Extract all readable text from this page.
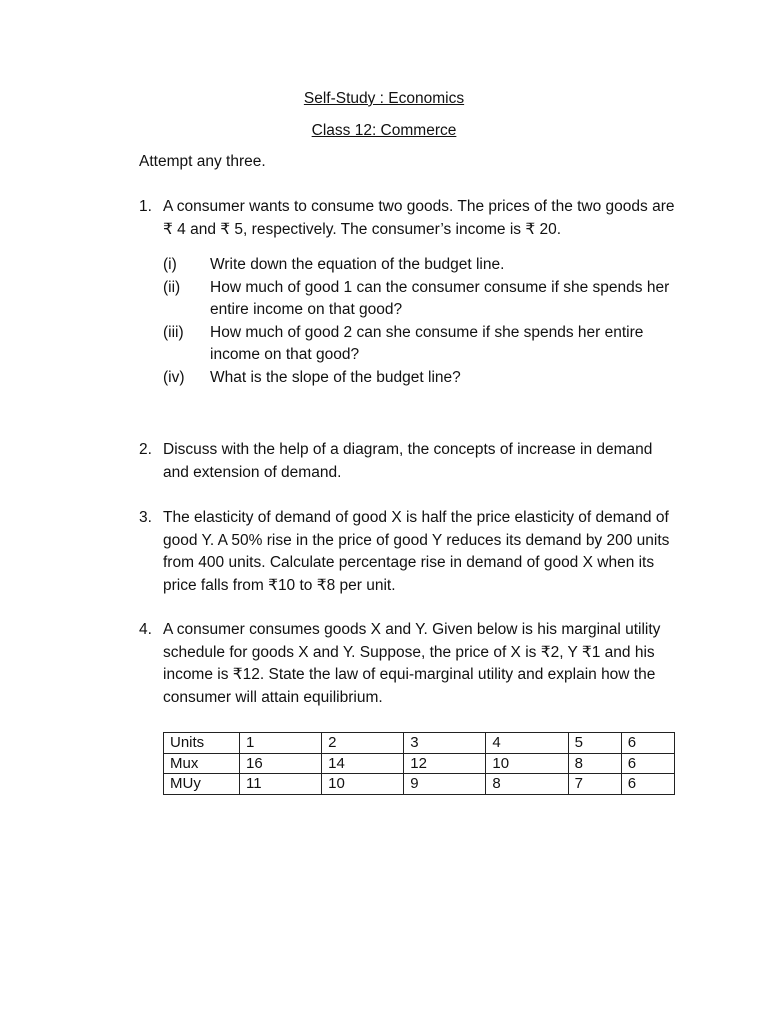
Self-Study : Economics
Class 12: Commerce
Attempt any three.
1. A consumer wants to consume two goods. The prices of the two goods are ₹ 4 and ₹ 5, respectively. The consumer’s income is ₹ 20.
(i) Write down the equation of the budget line.
(ii) How much of good 1 can the consumer consume if she spends her entire income on that good?
(iii) How much of good 2 can she consume if she spends her entire income on that good?
(iv) What is the slope of the budget line?
2. Discuss with the help of a diagram, the concepts of increase in demand and extension of demand.
3. The elasticity of demand of good X is half the price elasticity of demand of good Y. A 50% rise in the price of good Y reduces its demand by 200 units from 400 units. Calculate percentage rise in demand of good X when its price falls from ₹10 to ₹8 per unit.
4. A consumer consumes goods X and Y. Given below is his marginal utility schedule for goods X and Y. Suppose, the price of X is ₹2, Y ₹1 and his income is ₹12. State the law of equi-marginal utility and explain how the consumer will attain equilibrium.
Units	1	2	3	4	5	6
Mux	16	14	12	10	8	6
MUy	11	10	9	8	7	6
